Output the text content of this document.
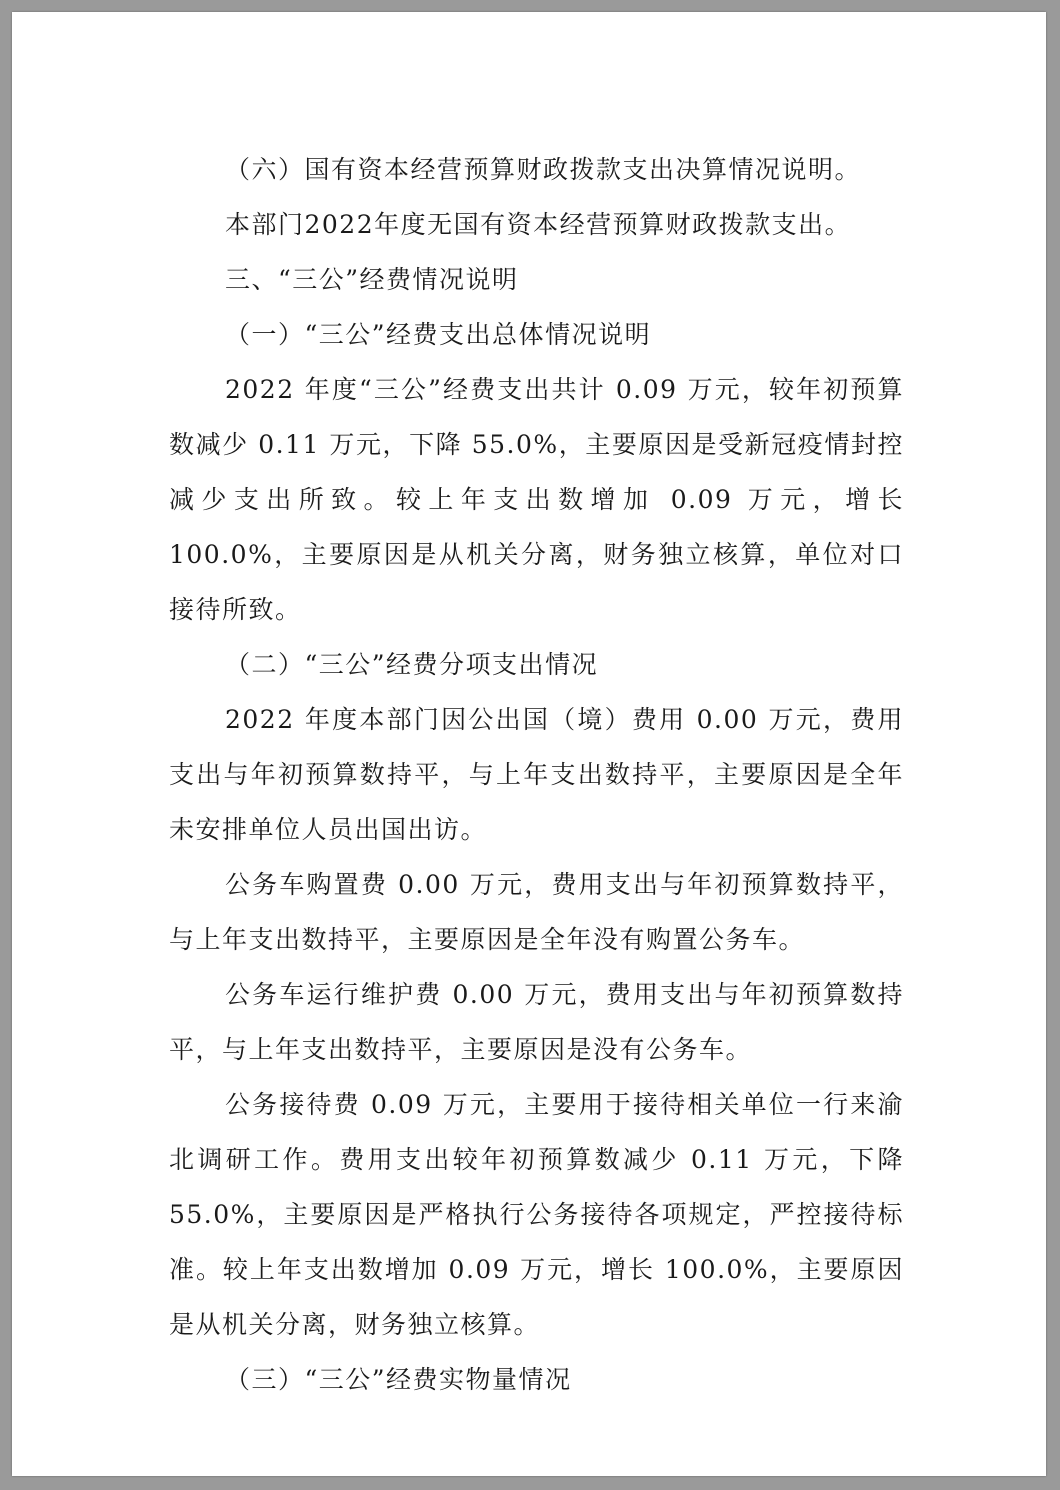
（六）国有资本经营预算财政拨款支出决算情况说明。

本部门2022年度无国有资本经营预算财政拨款支出。

三、“三公”经费情况说明

（一）“三公”经费支出总体情况说明

2022 年度“三公”经费支出共计 0.09 万元，较年初预算数减少 0.11 万元，下降 55.0%，主要原因是受新冠疫情封控减少支出所致。较上年支出数增加 0.09 万元，增长 100.0%，主要原因是从机关分离，财务独立核算，单位对口接待所致。

（二）“三公”经费分项支出情况

2022 年度本部门因公出国（境）费用 0.00 万元，费用支出与年初预算数持平，与上年支出数持平，主要原因是全年未安排单位人员出国出访。

公务车购置费 0.00 万元，费用支出与年初预算数持平，与上年支出数持平，主要原因是全年没有购置公务车。

公务车运行维护费 0.00 万元，费用支出与年初预算数持平，与上年支出数持平，主要原因是没有公务车。

公务接待费 0.09 万元，主要用于接待相关单位一行来渝北调研工作。费用支出较年初预算数减少 0.11 万元，下降 55.0%，主要原因是严格执行公务接待各项规定，严控接待标准。较上年支出数增加 0.09 万元，增长 100.0%，主要原因是从机关分离，财务独立核算。

（三）“三公”经费实物量情况
